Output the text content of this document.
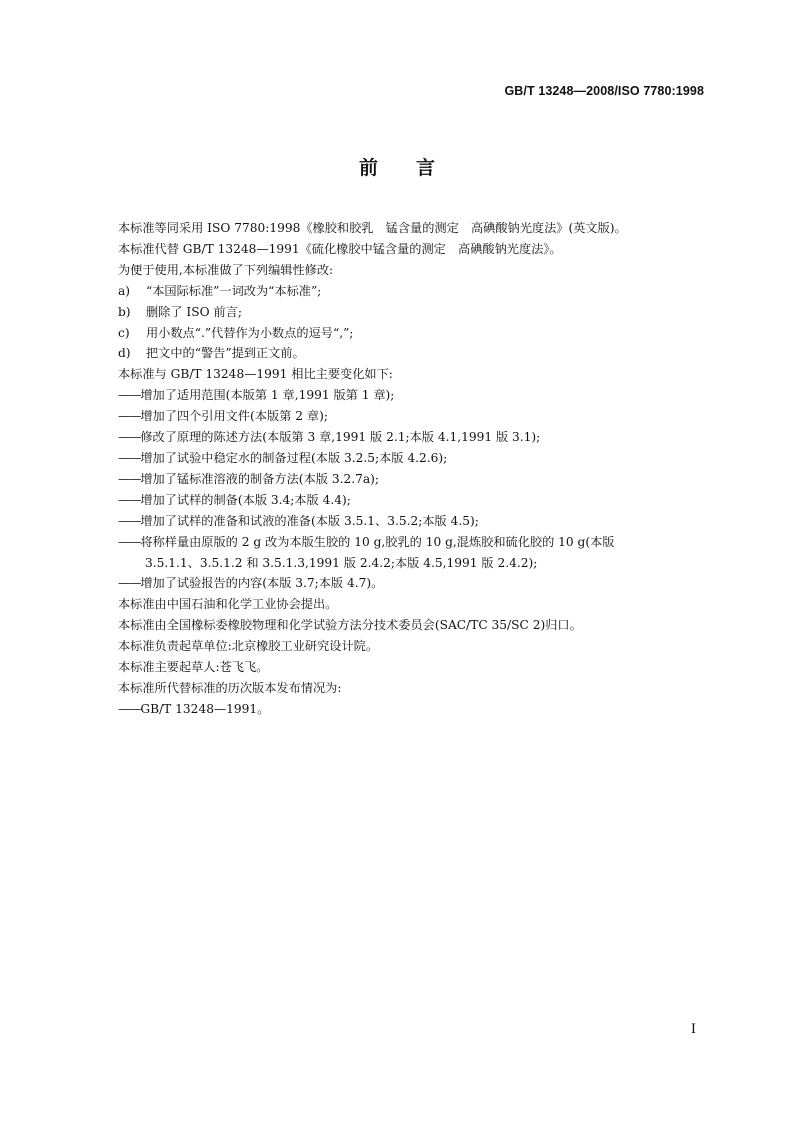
GB/T 13248—2008/ISO 7780:1998
前　　言

本标准等同采用 ISO 7780:1998《橡胶和胶乳　锰含量的测定　高碘酸钠光度法》(英文版)。

本标准代替 GB/T 13248—1991《硫化橡胶中锰含量的测定　高碘酸钠光度法》。

为便于使用,本标准做了下列编辑性修改:

a) “本国际标准”一词改为“本标准”;

b) 删除了 ISO 前言;

c) 用小数点“.”代替作为小数点的逗号“,”;

d) 把文中的“警告”提到正文前。

本标准与 GB/T 13248—1991 相比主要变化如下:

——增加了适用范围(本版第 1 章,1991 版第 1 章);

——增加了四个引用文件(本版第 2 章);

——修改了原理的陈述方法(本版第 3 章,1991 版 2.1;本版 4.1,1991 版 3.1);

——增加了试验中稳定水的制备过程(本版 3.2.5;本版 4.2.6);

——增加了锰标准溶液的制备方法(本版 3.2.7a);

——增加了试样的制备(本版 3.4;本版 4.4);

——增加了试样的准备和试液的准备(本版 3.5.1、3.5.2;本版 4.5);

——将称样量由原版的 2 g 改为本版生胶的 10 g,胶乳的 10 g,混炼胶和硫化胶的 10 g(本版

3.5.1.1、3.5.1.2 和 3.5.1.3,1991 版 2.4.2;本版 4.5,1991 版 2.4.2);

——增加了试验报告的内容(本版 3.7;本版 4.7)。

本标准由中国石油和化学工业协会提出。

本标准由全国橡标委橡胶物理和化学试验方法分技术委员会(SAC/TC 35/SC 2)归口。

本标准负责起草单位:北京橡胶工业研究设计院。

本标准主要起草人:苍飞飞。

本标准所代替标准的历次版本发布情况为:

——GB/T 13248—1991。

I
